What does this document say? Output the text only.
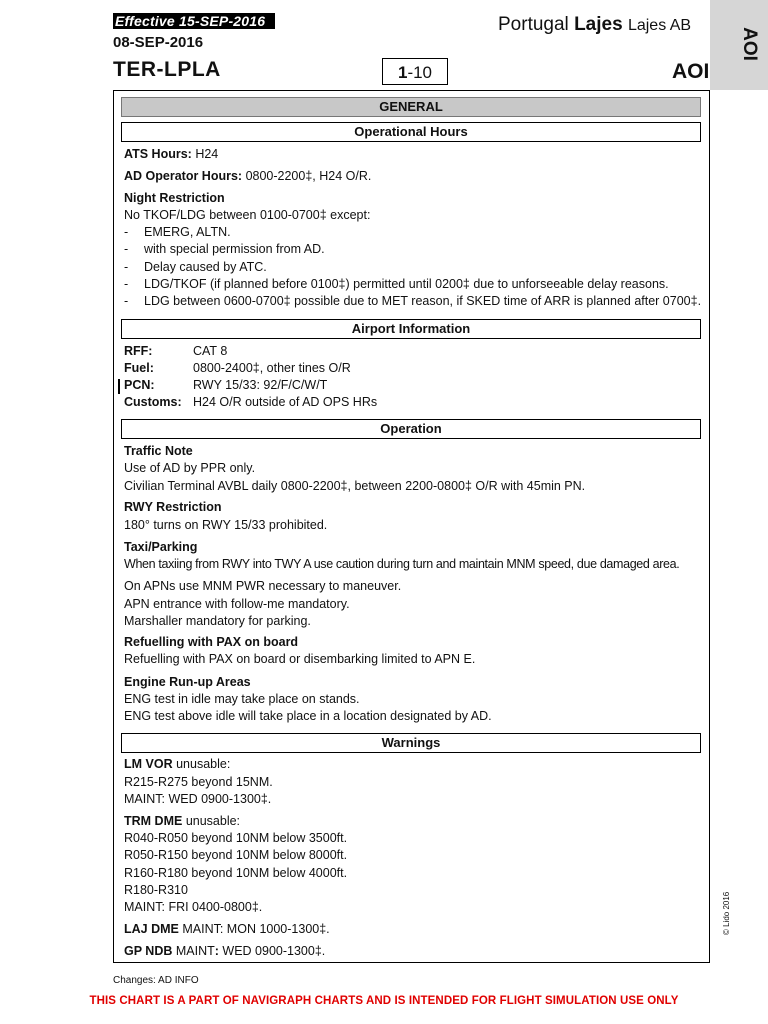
Effective 15-SEP-2016
08-SEP-2016
Portugal Lajes Lajes AB
TER-LPLA	1-10	AOI
AOI
GENERAL
Operational Hours
ATS Hours: H24
AD Operator Hours: 0800-2200‡, H24 O/R.
Night Restriction
No TKOF/LDG between 0100-0700‡ except:
- EMERG, ALTN.
- with special permission from AD.
- Delay caused by ATC.
- LDG/TKOF (if planned before 0100‡) permitted until 0200‡ due to unforseeable delay reasons.
- LDG between 0600-0700‡ possible due to MET reason, if SKED time of ARR is planned after 0700‡.
Airport Information
RFF:	CAT 8
Fuel:	0800-2400‡, other tines O/R
PCN:	RWY 15/33: 92/F/C/W/T
Customs: H24 O/R outside of AD OPS HRs
Operation
Traffic Note
Use of AD by PPR only.
Civilian Terminal AVBL daily 0800-2200‡, between 2200-0800‡ O/R with 45min PN.
RWY Restriction
180° turns on RWY 15/33 prohibited.
Taxi/Parking
When taxiing from RWY into TWY A use caution during turn and maintain MNM speed, due damaged area.
On APNs use MNM PWR necessary to maneuver.
APN entrance with follow-me mandatory.
Marshaller mandatory for parking.
Refuelling with PAX on board
Refuelling with PAX on board or disembarking limited to APN E.
Engine Run-up Areas
ENG test in idle may take place on stands.
ENG test above idle will take place in a location designated by AD.
Warnings
LM VOR unusable:
R215-R275 beyond 15NM.
MAINT: WED 0900-1300‡.
TRM DME unusable:
R040-R050 beyond 10NM below 3500ft.
R050-R150 beyond 10NM below 8000ft.
R160-R180 beyond 10NM below 4000ft.
R180-R310
MAINT: FRI 0400-0800‡.
LAJ DME MAINT: MON 1000-1300‡.
GP NDB MAINT: WED 0900-1300‡.
© Lido 2016
Changes: AD INFO
THIS CHART IS A PART OF NAVIGRAPH CHARTS AND IS INTENDED FOR FLIGHT SIMULATION USE ONLY
